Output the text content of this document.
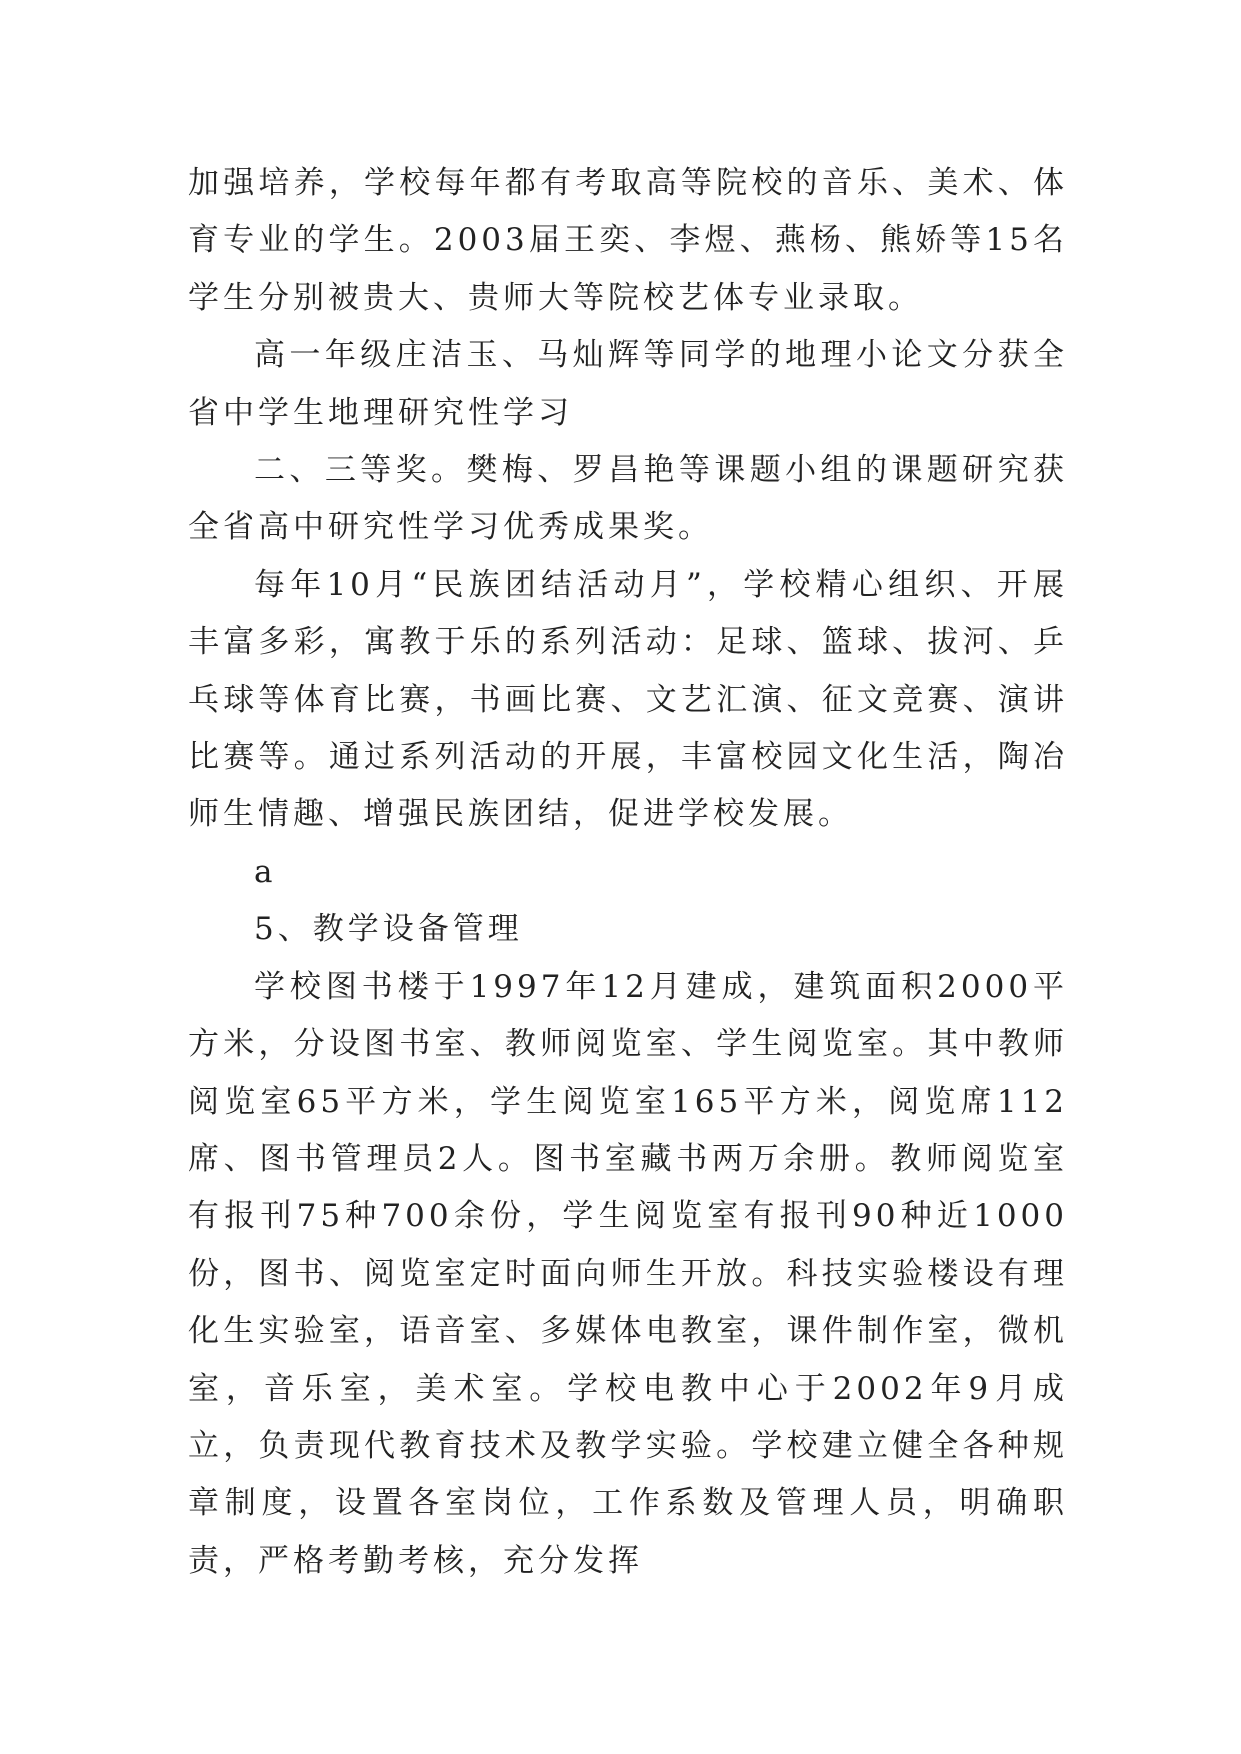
加强培养，学校每年都有考取高等院校的音乐、美术、体育专业的学生。2003届王奕、李煜、燕杨、熊娇等15名学生分别被贵大、贵师大等院校艺体专业录取。

高一年级庄洁玉、马灿辉等同学的地理小论文分获全省中学生地理研究性学习

二、三等奖。樊梅、罗昌艳等课题小组的课题研究获全省高中研究性学习优秀成果奖。

每年10月“民族团结活动月”，学校精心组织、开展丰富多彩，寓教于乐的系列活动：足球、篮球、拔河、乒乓球等体育比赛，书画比赛、文艺汇演、征文竞赛、演讲比赛等。通过系列活动的开展，丰富校园文化生活，陶冶师生情趣、增强民族团结，促进学校发展。

a

5、教学设备管理

学校图书楼于1997年12月建成，建筑面积2000平方米，分设图书室、教师阅览室、学生阅览室。其中教师阅览室65平方米，学生阅览室165平方米，阅览席112席、图书管理员2人。图书室藏书两万余册。教师阅览室有报刊75种700余份，学生阅览室有报刊90种近1000份，图书、阅览室定时面向师生开放。科技实验楼设有理化生实验室，语音室、多媒体电教室，课件制作室，微机室，音乐室，美术室。学校电教中心于2002年9月成立，负责现代教育技术及教学实验。学校建立健全各种规章制度，设置各室岗位，工作系数及管理人员，明确职责，严格考勤考核，充分发挥
